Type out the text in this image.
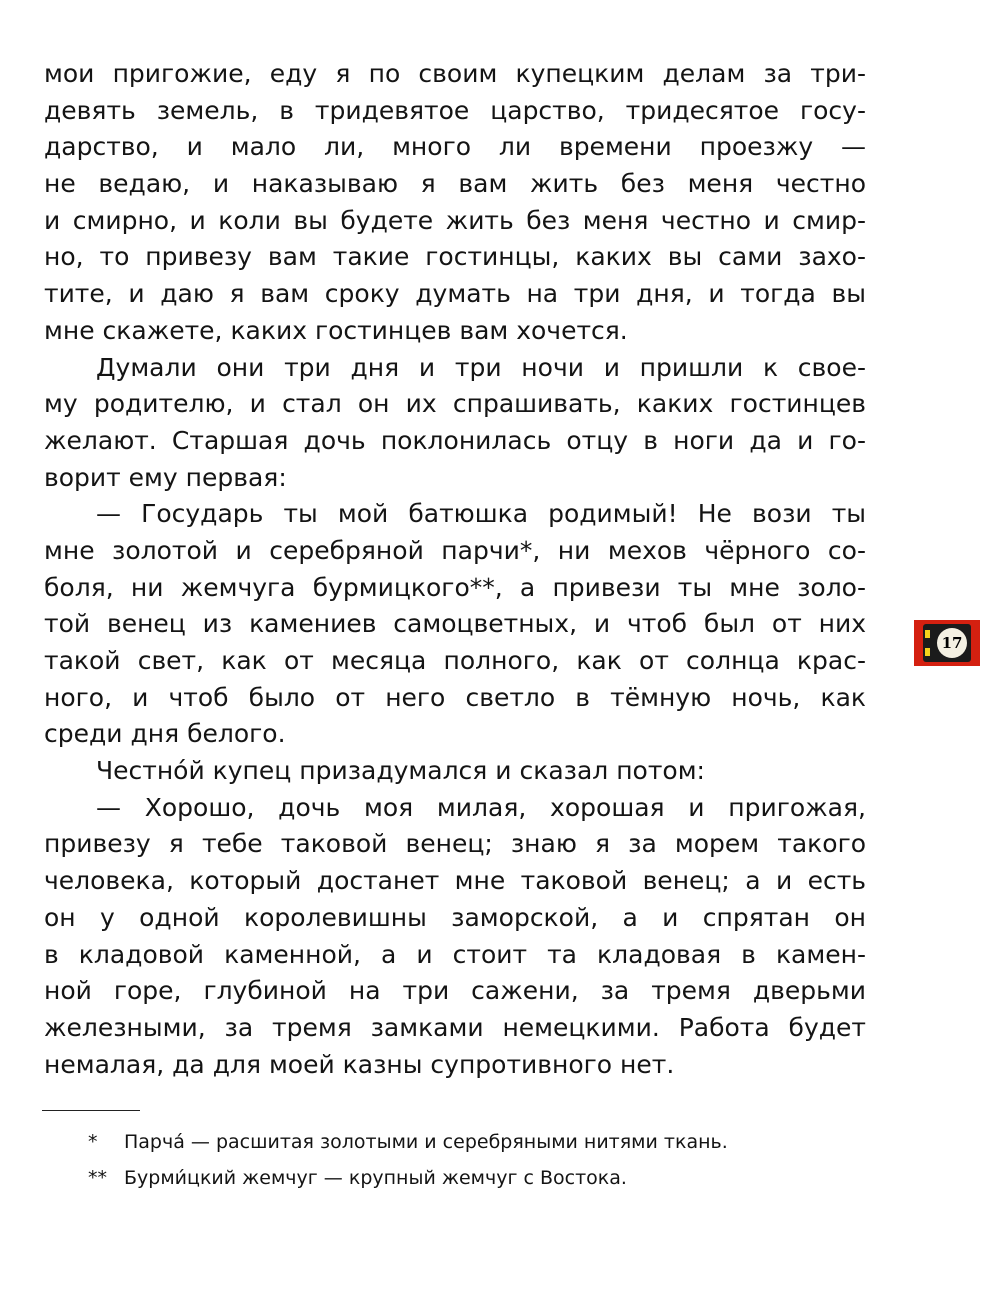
мои пригожие, еду я по своим купецким делам за три-
девять земель, в тридевятое царство, тридесятое госу-
дарство, и мало ли, много ли времени проезжу —
не ведаю, и наказываю я вам жить без меня честно
и смирно, и коли вы будете жить без меня честно и смир-
но, то привезу вам такие гостинцы, каких вы сами захо-
тите, и даю я вам сроку думать на три дня, и тогда вы
мне скажете, каких гостинцев вам хочется.
Думали они три дня и три ночи и пришли к свое-
му родителю, и стал он их спрашивать, каких гостинцев
желают. Старшая дочь поклонилась отцу в ноги да и го-
ворит ему первая:
— Государь ты мой батюшка родимый! Не вози ты
мне золотой и серебряной парчи*, ни мехов чёрного со-
боля, ни жемчуга бурмицкого**, а привези ты мне золо-
той венец из камениев самоцветных, и чтоб был от них
такой свет, как от месяца полного, как от солнца крас-
ного, и чтоб было от него светло в тёмную ночь, как
среди дня белого.
Честно́й купец призадумался и сказал потом:
— Хорошо, дочь моя милая, хорошая и пригожая,
привезу я тебе таковой венец; знаю я за морем такого
человека, который достанет мне таковой венец; а и есть
он у одной королевишны заморской, а и спрятан он
в кладовой каменной, а и стоит та кладовая в камен-
ной горе, глубиной на три сажени, за тремя дверьми
железными, за тремя замками немецкими. Работа будет
немалая, да для моей казны супротивного нет.
* Парча́ — расшитая золотыми и серебряными нитями ткань.
** Бурми́цкий жемчуг — крупный жемчуг с Востока.
17
